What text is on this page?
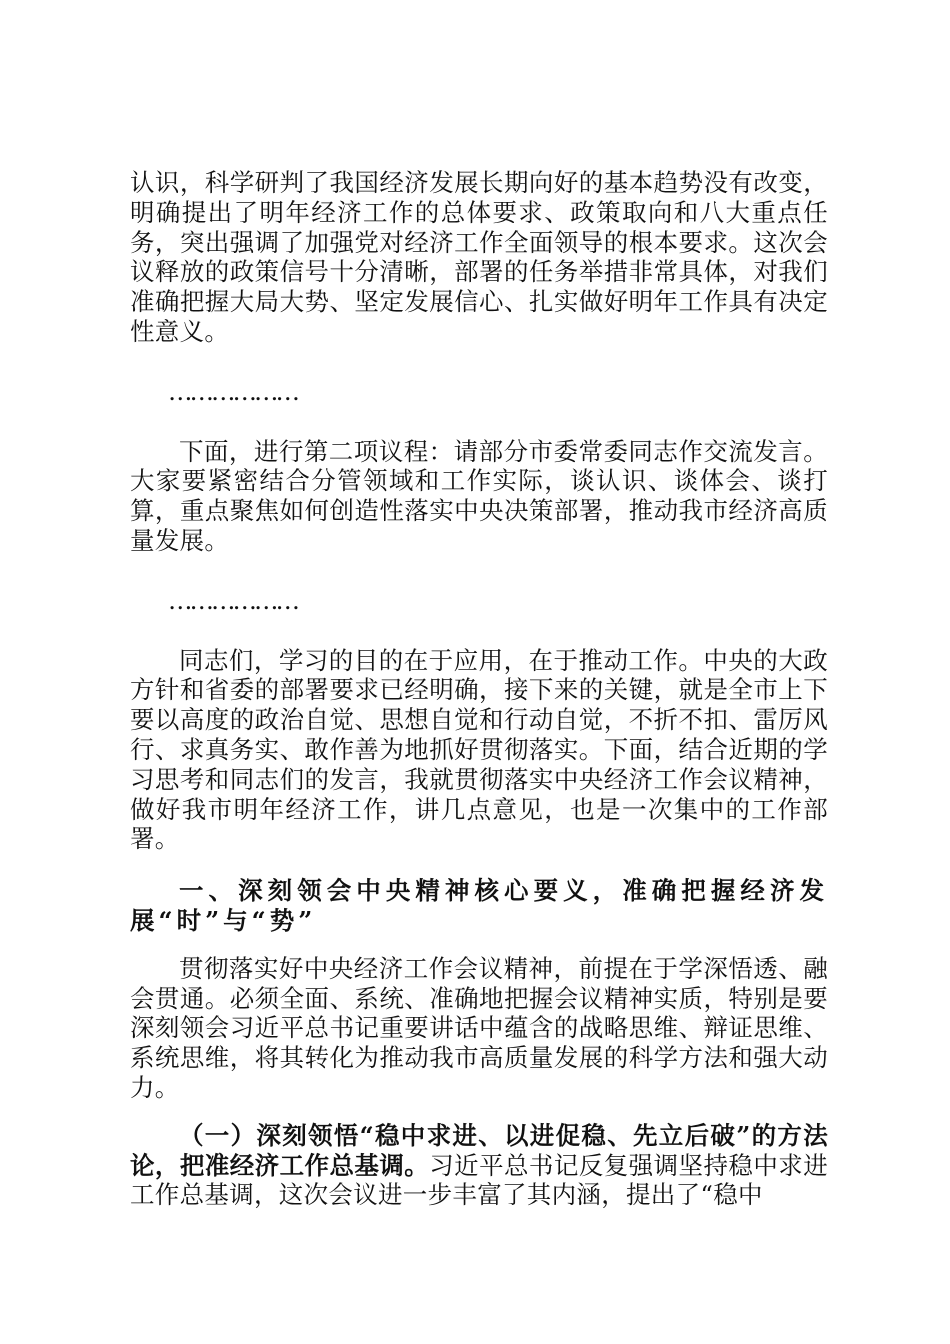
认识，科学研判了我国经济发展长期向好的基本趋势没有改变，明确提出了明年经济工作的总体要求、政策取向和八大重点任务，突出强调了加强党对经济工作全面领导的根本要求。这次会议释放的政策信号十分清晰，部署的任务举措非常具体，对我们准确把握大局大势、坚定发展信心、扎实做好明年工作具有决定性意义。

………………

下面，进行第二项议程：请部分市委常委同志作交流发言。大家要紧密结合分管领域和工作实际，谈认识、谈体会、谈打算，重点聚焦如何创造性落实中央决策部署，推动我市经济高质量发展。

………………

同志们，学习的目的在于应用，在于推动工作。中央的大政方针和省委的部署要求已经明确，接下来的关键，就是全市上下要以高度的政治自觉、思想自觉和行动自觉，不折不扣、雷厉风行、求真务实、敢作善为地抓好贯彻落实。下面，结合近期的学习思考和同志们的发言，我就贯彻落实中央经济工作会议精神，做好我市明年经济工作，讲几点意见，也是一次集中的工作部署。

一、深刻领会中央精神核心要义，准确把握经济发展“时”与“势”

贯彻落实好中央经济工作会议精神，前提在于学深悟透、融会贯通。必须全面、系统、准确地把握会议精神实质，特别是要深刻领会习近平总书记重要讲话中蕴含的战略思维、辩证思维、系统思维，将其转化为推动我市高质量发展的科学方法和强大动力。

（一）深刻领悟“稳中求进、以进促稳、先立后破”的方法论，把准经济工作总基调。习近平总书记反复强调坚持稳中求进工作总基调，这次会议进一步丰富了其内涵，提出了“稳中
